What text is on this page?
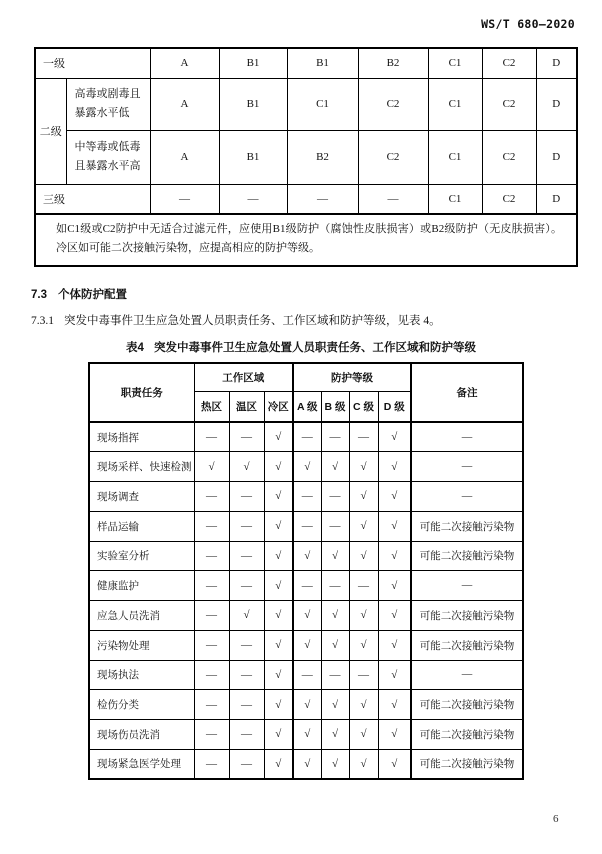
WS/T 680—2020
一级		A	B1	B1	B2	C1	C2	D
二级	高毒或剧毒且暴露水平低	A	B1	C1	C2	C1	C2	D
	中等毒或低毒且暴露水平高	A	B1	B2	C2	C1	C2	D
三级		—	—	—	—	C1	C2	D
如C1级或C2防护中无适合过滤元件，应使用B1级防护（腐蚀性皮肤损害）或B2级防护（无皮肤损害）。冷区如可能二次接触污染物，应提高相应的防护等级。								
7.3 个体防护配置
7.3.1 突发中毒事件卫生应急处置人员职责任务、工作区域和防护等级，见表 4。
表4 突发中毒事件卫生应急处置人员职责任务、工作区域和防护等级
职责任务	工作区域			防护等级				备注
	热区	温区	冷区	A 级	B 级	C 级	D 级	
现场指挥	—	—	√	—	—	—	√	—
现场采样、快速检测	√	√	√	√	√	√	√	—
现场调查	—	—	√	—	—	√	√	—
样品运输	—	—	√	—	—	√	√	可能二次接触污染物
实验室分析	—	—	√	√	√	√	√	可能二次接触污染物
健康监护	—	—	√	—	—	—	√	—
应急人员洗消	—	√	√	√	√	√	√	可能二次接触污染物
污染物处理	—	—	√	√	√	√	√	可能二次接触污染物
现场执法	—	—	√	—	—	—	√	—
检伤分类	—	—	√	√	√	√	√	可能二次接触污染物
现场伤员洗消	—	—	√	√	√	√	√	可能二次接触污染物
现场紧急医学处理	—	—	√	√	√	√	√	可能二次接触污染物
6
